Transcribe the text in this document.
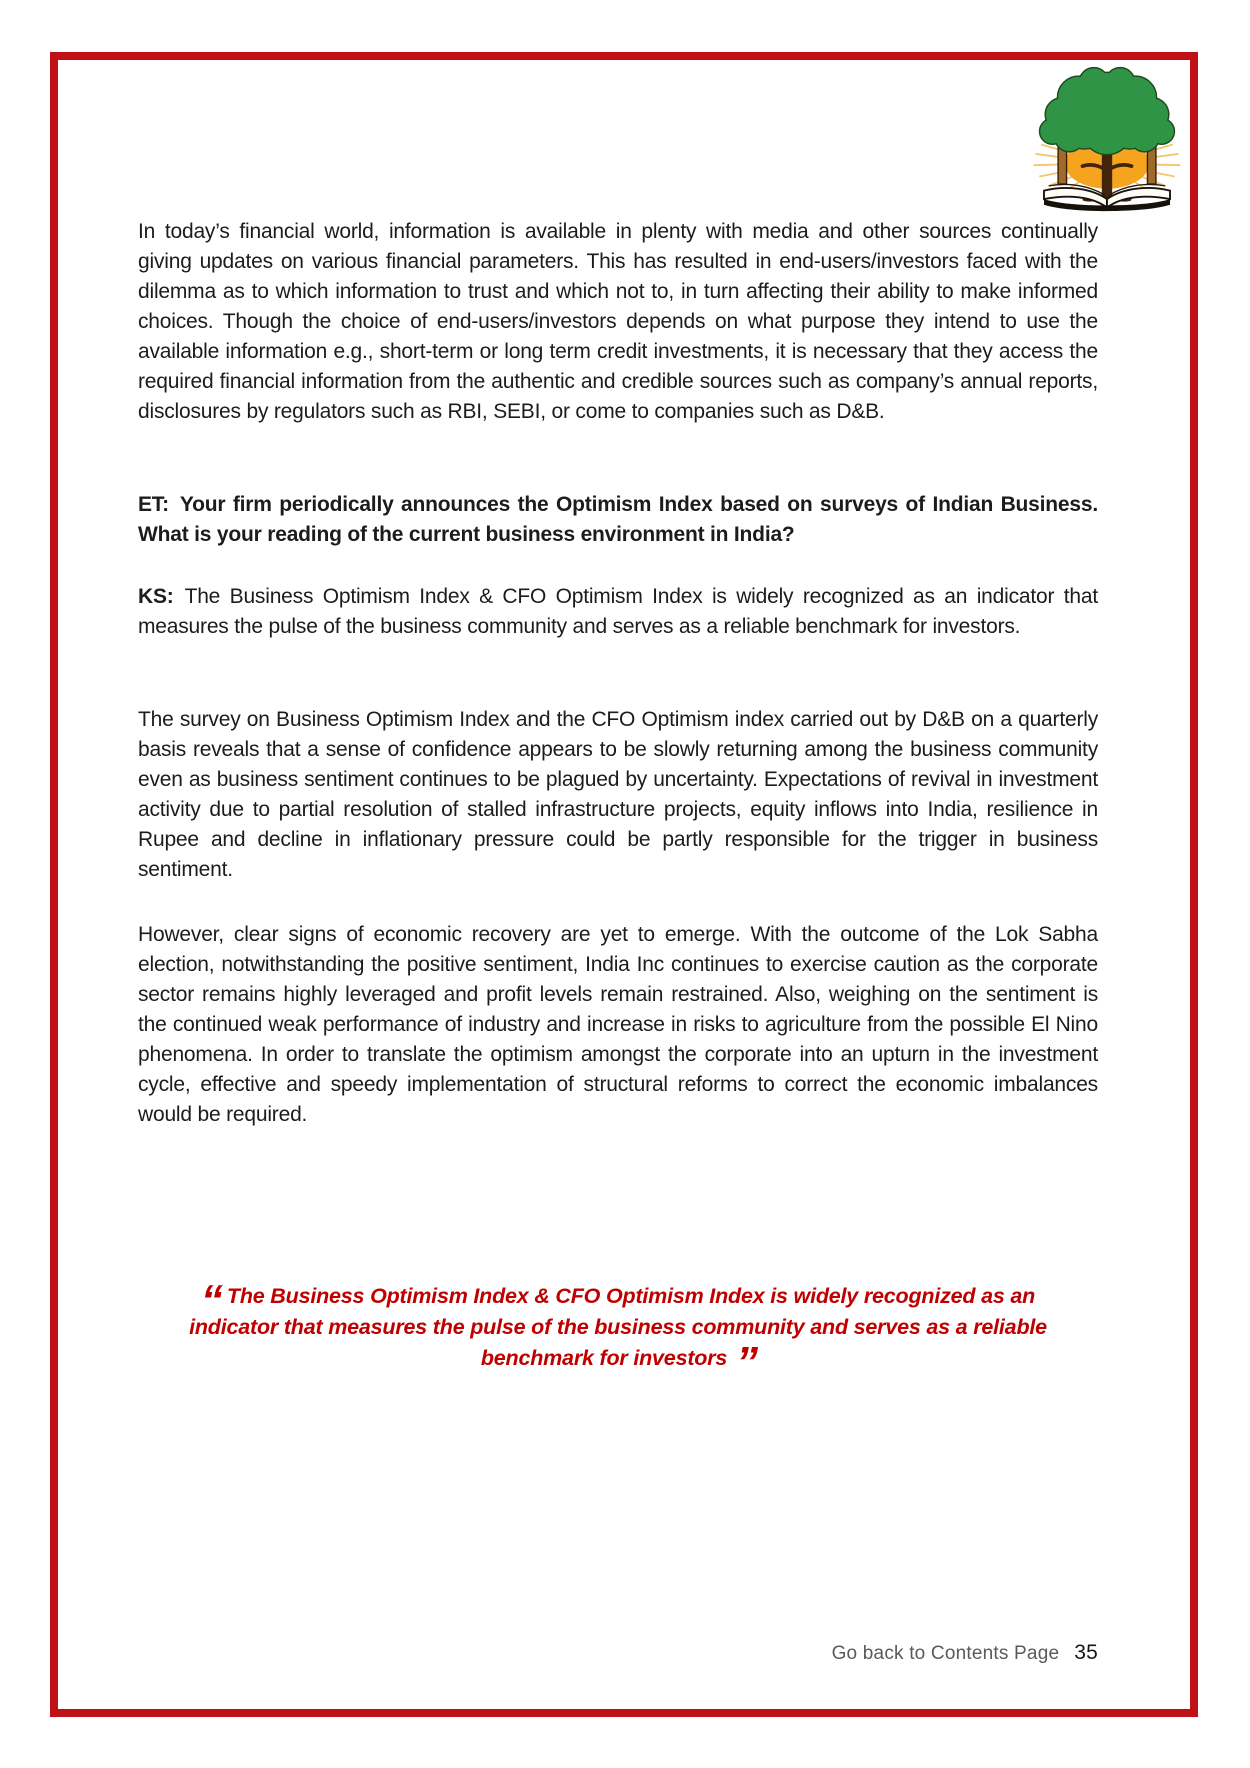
In today’s financial world, information is available in plenty with media and other sources continually giving updates on various financial parameters. This has resulted in end-users/investors faced with the dilemma as to which information to trust and which not to, in turn affecting their ability to make informed choices. Though the choice of end-users/investors depends on what purpose they intend to use the available information e.g., short-term or long term credit investments, it is necessary that they access the required financial information from the authentic and credible sources such as company’s annual reports, disclosures by regulators such as RBI, SEBI, or come to companies such as D&B.

ET: Your firm periodically announces the Optimism Index based on surveys of Indian Business. What is your reading of the current business environment in India?

KS: The Business Optimism Index & CFO Optimism Index is widely recognized as an indicator that measures the pulse of the business community and serves as a reliable benchmark for investors.

The survey on Business Optimism Index and the CFO Optimism index carried out by D&B on a quarterly basis reveals that a sense of confidence appears to be slowly returning among the business community even as business sentiment continues to be plagued by uncertainty. Expectations of revival in investment activity due to partial resolution of stalled infrastructure projects, equity inflows into India, resilience in Rupee and decline in inflationary pressure could be partly responsible for the trigger in business sentiment.

However, clear signs of economic recovery are yet to emerge. With the outcome of the Lok Sabha election, notwithstanding the positive sentiment, India Inc continues to exercise caution as the corporate sector remains highly leveraged and profit levels remain restrained. Also, weighing on the sentiment is the continued weak performance of industry and increase in risks to agriculture from the possible El Nino phenomena. In order to translate the optimism amongst the corporate into an upturn in the investment cycle, effective and speedy implementation of structural reforms to correct the economic imbalances would be required.

“ The Business Optimism Index & CFO Optimism Index is widely recognized as an indicator that measures the pulse of the business community and serves as a reliable benchmark for investors ”
Go back to Contents Page 35
